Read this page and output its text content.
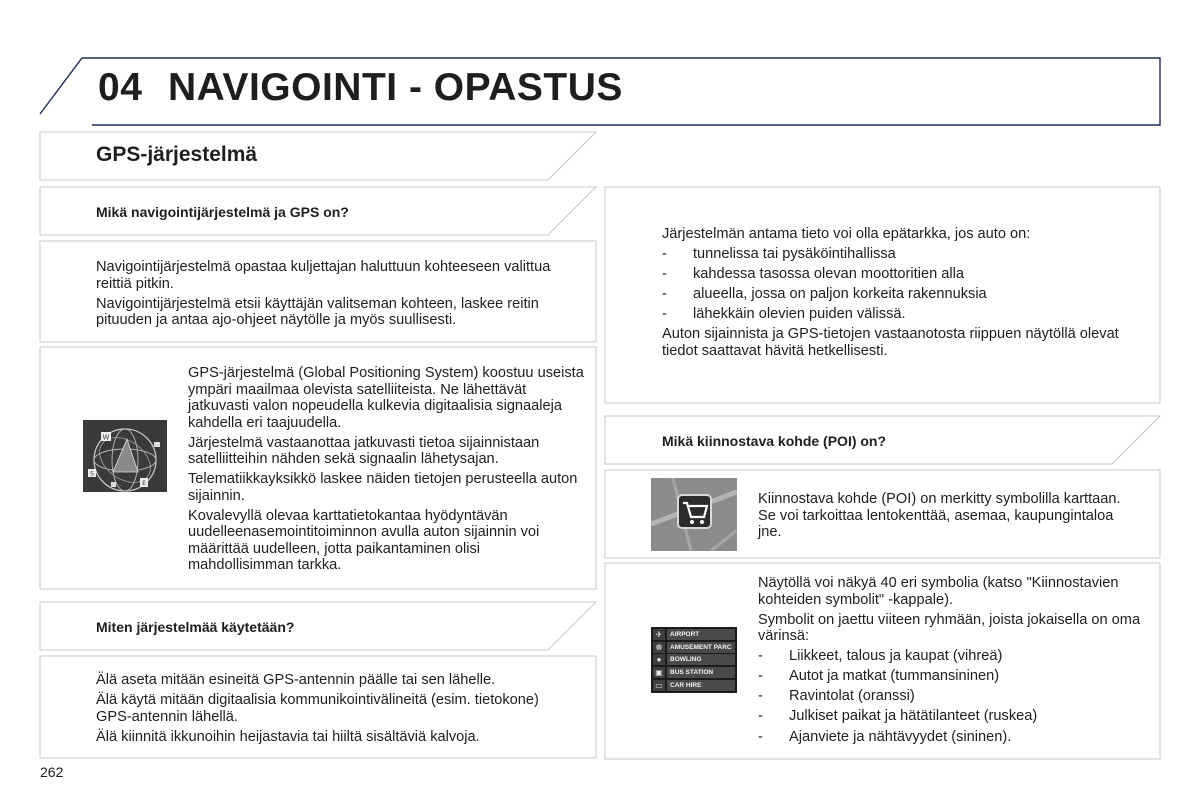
04 NAVIGOINTI - OPASTUS
GPS-järjestelmä
Mikä navigointijärjestelmä ja GPS on?

Navigointijärjestelmä opastaa kuljettajan haluttuun kohteeseen valittua reittiä pitkin.

Navigointijärjestelmä etsii käyttäjän valitseman kohteen, laskee reitin pituuden ja antaa ajo-ohjeet näytölle ja myös suullisesti.

W
S
E

GPS-järjestelmä (Global Positioning System) koostuu useista ympäri maailmaa olevista satelliiteista. Ne lähettävät jatkuvasti valon nopeudella kulkevia digitaalisia signaaleja kahdella eri taajuudella.

Järjestelmä vastaanottaa jatkuvasti tietoa sijainnistaan satelliitteihin nähden sekä signaalin lähetysajan.

Telematiikkayksikkö laskee näiden tietojen perusteella auton sijainnin.

Kovalevyllä olevaa karttatietokantaa hyödyntävän uudelleenasemointitoiminnon avulla auton sijainnin voi määrittää uudelleen, jotta paikantaminen olisi mahdollisimman tarkka.

Miten järjestelmää käytetään?

Älä aseta mitään esineitä GPS-antennin päälle tai sen lähelle.

Älä käytä mitään digitaalisia kommunikointivälineitä (esim. tietokone) GPS-antennin lähellä.

Älä kiinnitä ikkunoihin heijastavia tai hiiltä sisältäviä kalvoja.

Järjestelmän antama tieto voi olla epätarkka, jos auto on:

- tunnelissa tai pysäköintihallissa
- kahdessa tasossa olevan moottoritien alla
- alueella, jossa on paljon korkeita rakennuksia
- lähekkäin olevien puiden välissä.

Auton sijainnista ja GPS-tietojen vastaanotosta riippuen näytöllä olevat tiedot saattavat hävitä hetkellisesti.

Mikä kiinnostava kohde (POI) on?

Kiinnostava kohde (POI) on merkitty symbolilla karttaan. Se voi tarkoittaa lentokenttää, asemaa, kaupungintaloa jne.

✈	AIRPORT
☸	AMUSEMENT PARC
●	BOWLING
▣	BUS STATION
▭	CAR HIRE

Näytöllä voi näkyä 40 eri symbolia (katso "Kiinnostavien kohteiden symbolit" -kappale).

Symbolit on jaettu viiteen ryhmään, joista jokaisella on oma värinsä:

- Liikkeet, talous ja kaupat (vihreä)
- Autot ja matkat (tummansininen)
- Ravintolat (oranssi)
- Julkiset paikat ja hätätilanteet (ruskea)
- Ajanviete ja nähtävyydet (sininen).
262
